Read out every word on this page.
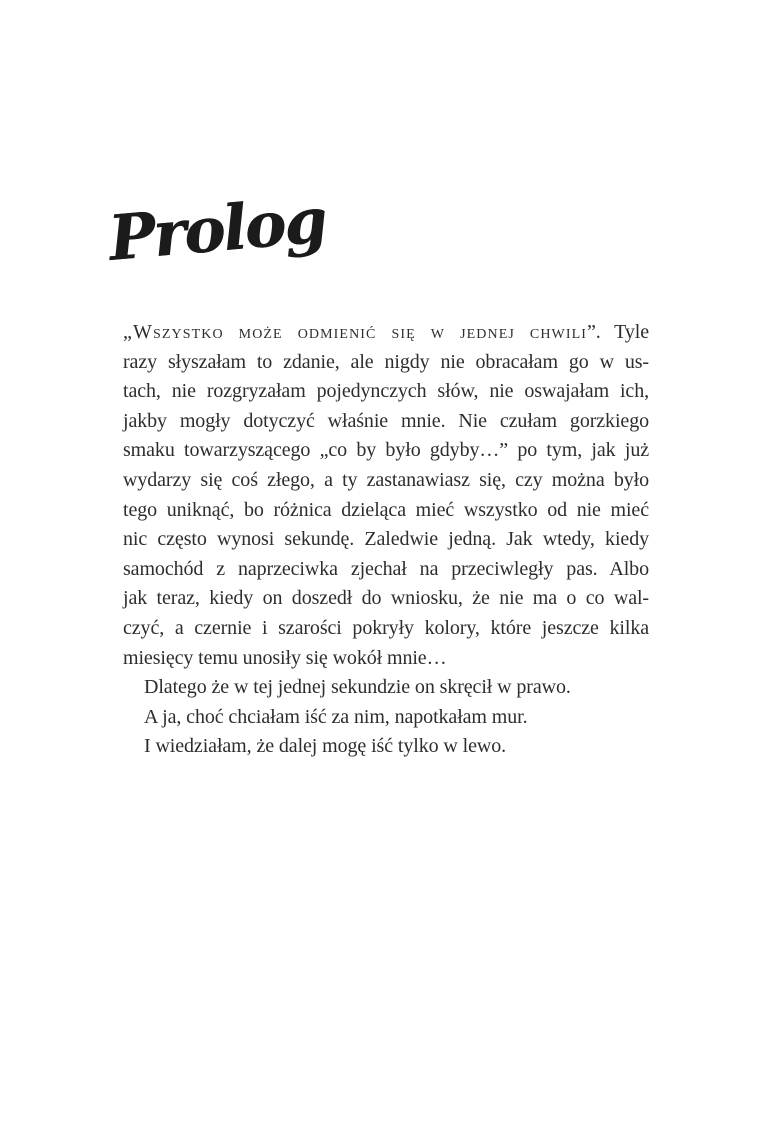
Prolog
„Wszystko może odmienić się w jednej chwili”. Tyle
razy słyszałam to zdanie, ale nigdy nie obracałam go w us-
tach, nie rozgryzałam pojedynczych słów, nie oswajałam ich,
jakby mogły dotyczyć właśnie mnie. Nie czułam gorzkiego
smaku towarzyszącego „co by było gdyby…” po tym, jak już
wydarzy się coś złego, a ty zastanawiasz się, czy można było
tego uniknąć, bo różnica dzieląca mieć wszystko od nie mieć
nic często wynosi sekundę. Zaledwie jedną. Jak wtedy, kiedy
samochód z naprzeciwka zjechał na przeciwległy pas. Albo
jak teraz, kiedy on doszedł do wniosku, że nie ma o co wal-
czyć, a czernie i szarości pokryły kolory, które jeszcze kilka
miesięcy temu unosiły się wokół mnie…
Dlatego że w tej jednej sekundzie on skręcił w prawo.
A ja, choć chciałam iść za nim, napotkałam mur.
I wiedziałam, że dalej mogę iść tylko w lewo.
